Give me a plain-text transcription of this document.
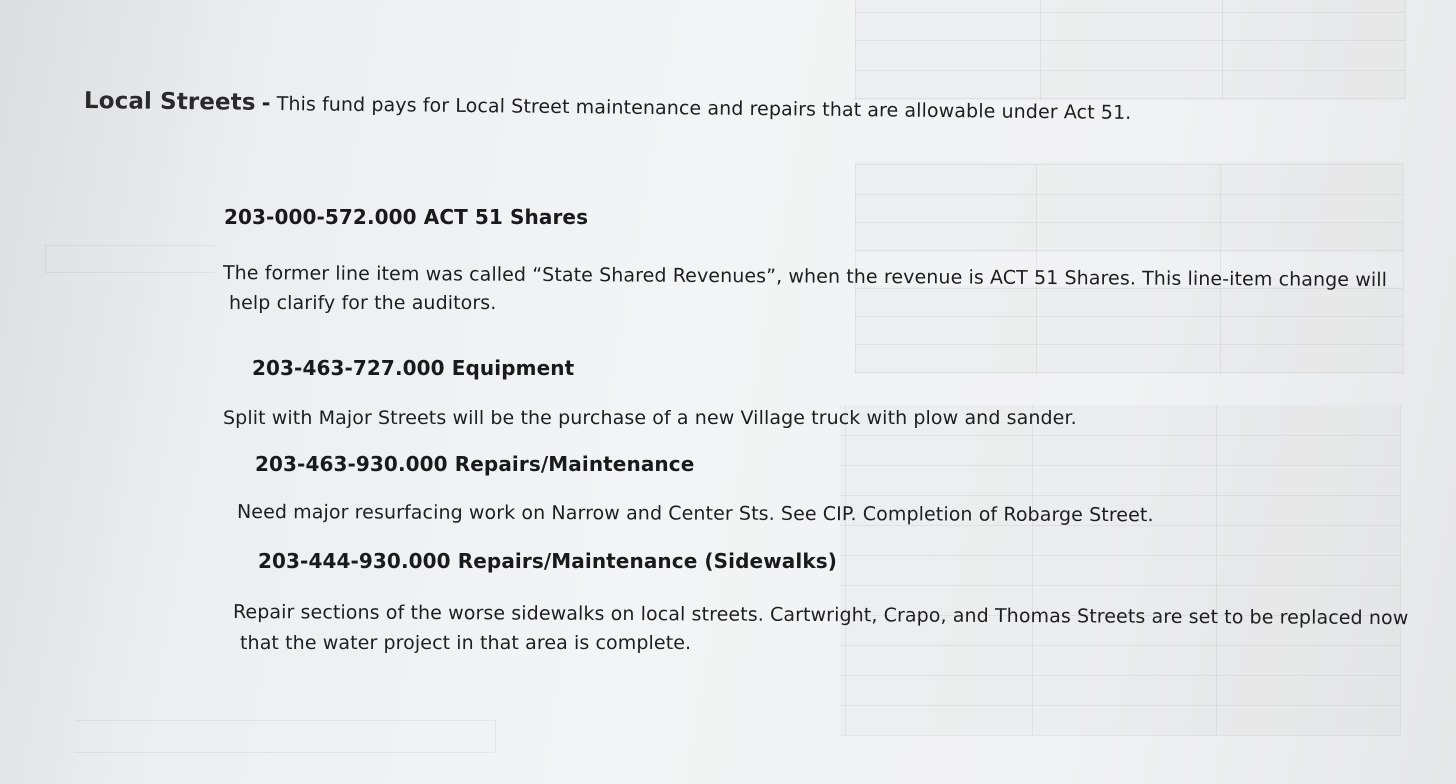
Local Streets - This fund pays for Local Street maintenance and repairs that are allowable under Act 51.
203-000-572.000 ACT 51 Shares
The former line item was called “State Shared Revenues”, when the revenue is ACT 51 Shares. This line-item change will
help clarify for the auditors.
203-463-727.000 Equipment
Split with Major Streets will be the purchase of a new Village truck with plow and sander.
203-463-930.000 Repairs/Maintenance
Need major resurfacing work on Narrow and Center Sts. See CIP. Completion of Robarge Street.
203-444-930.000 Repairs/Maintenance (Sidewalks)
Repair sections of the worse sidewalks on local streets. Cartwright, Crapo, and Thomas Streets are set to be replaced now
that the water project in that area is complete.
